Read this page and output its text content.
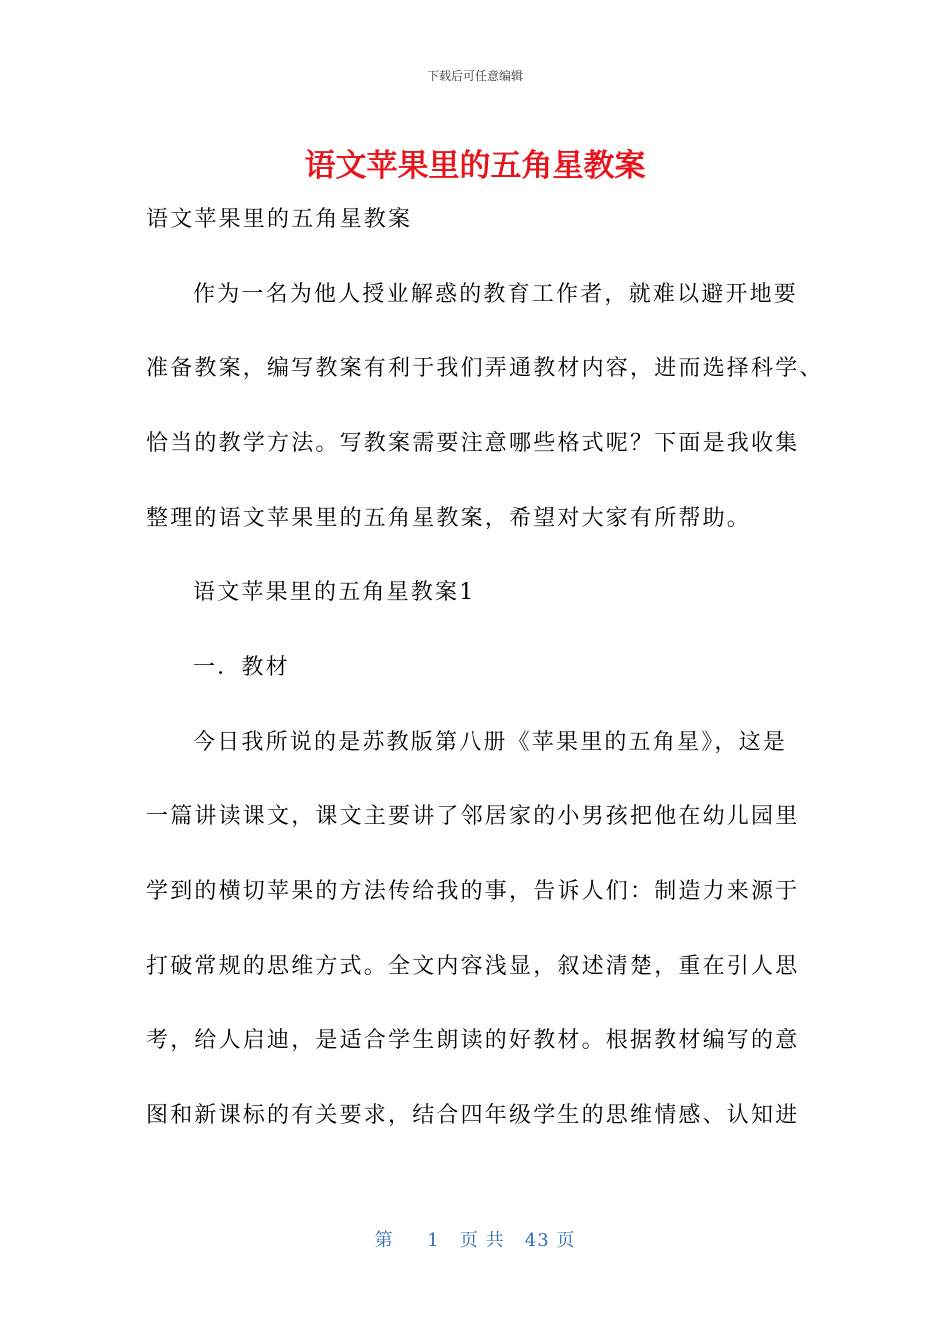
下载后可任意编辑
语文苹果里的五角星教案
语文苹果里的五角星教案
作为一名为他人授业解惑的教育工作者，就难以避开地要
准备教案，编写教案有利于我们弄通教材内容，进而选择科学、
恰当的教学方法。写教案需要注意哪些格式呢？下面是我收集
整理的语文苹果里的五角星教案，希望对大家有所帮助。
语文苹果里的五角星教案1
一．教材
今日我所说的是苏教版第八册《苹果里的五角星》，这是
一篇讲读课文，课文主要讲了邻居家的小男孩把他在幼儿园里
学到的横切苹果的方法传给我的事，告诉人们：制造力来源于
打破常规的思维方式。全文内容浅显，叙述清楚，重在引人思
考，给人启迪，是适合学生朗读的好教材。根据教材编写的意
图和新课标的有关要求，结合四年级学生的思维情感、认知进
第 1 页 共 43 页
